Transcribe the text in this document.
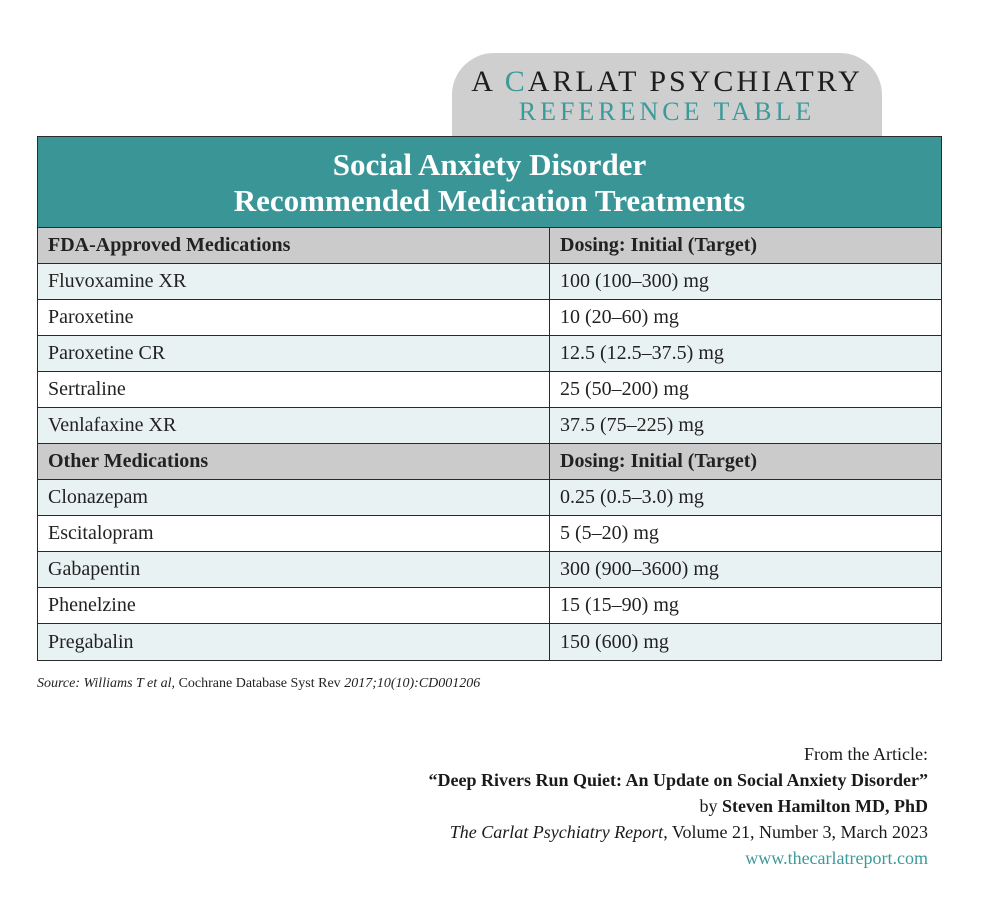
A CARLAT PSYCHIATRY
REFERENCE TABLE
Social Anxiety Disorder
Recommended Medication Treatments
FDA-Approved Medications	Dosing: Initial (Target)
Fluvoxamine XR	100 (100–300) mg
Paroxetine	10 (20–60) mg
Paroxetine CR	12.5 (12.5–37.5) mg
Sertraline	25 (50–200) mg
Venlafaxine XR	37.5 (75–225) mg
Other Medications	Dosing: Initial (Target)
Clonazepam	0.25 (0.5–3.0) mg
Escitalopram	5 (5–20) mg
Gabapentin	300 (900–3600) mg
Phenelzine	15 (15–90) mg
Pregabalin	150 (600) mg
Source: Williams T et al, Cochrane Database Syst Rev 2017;10(10):CD001206
From the Article:
“Deep Rivers Run Quiet: An Update on Social Anxiety Disorder”
by Steven Hamilton MD, PhD
The Carlat Psychiatry Report, Volume 21, Number 3, March 2023
www.thecarlatreport.com
